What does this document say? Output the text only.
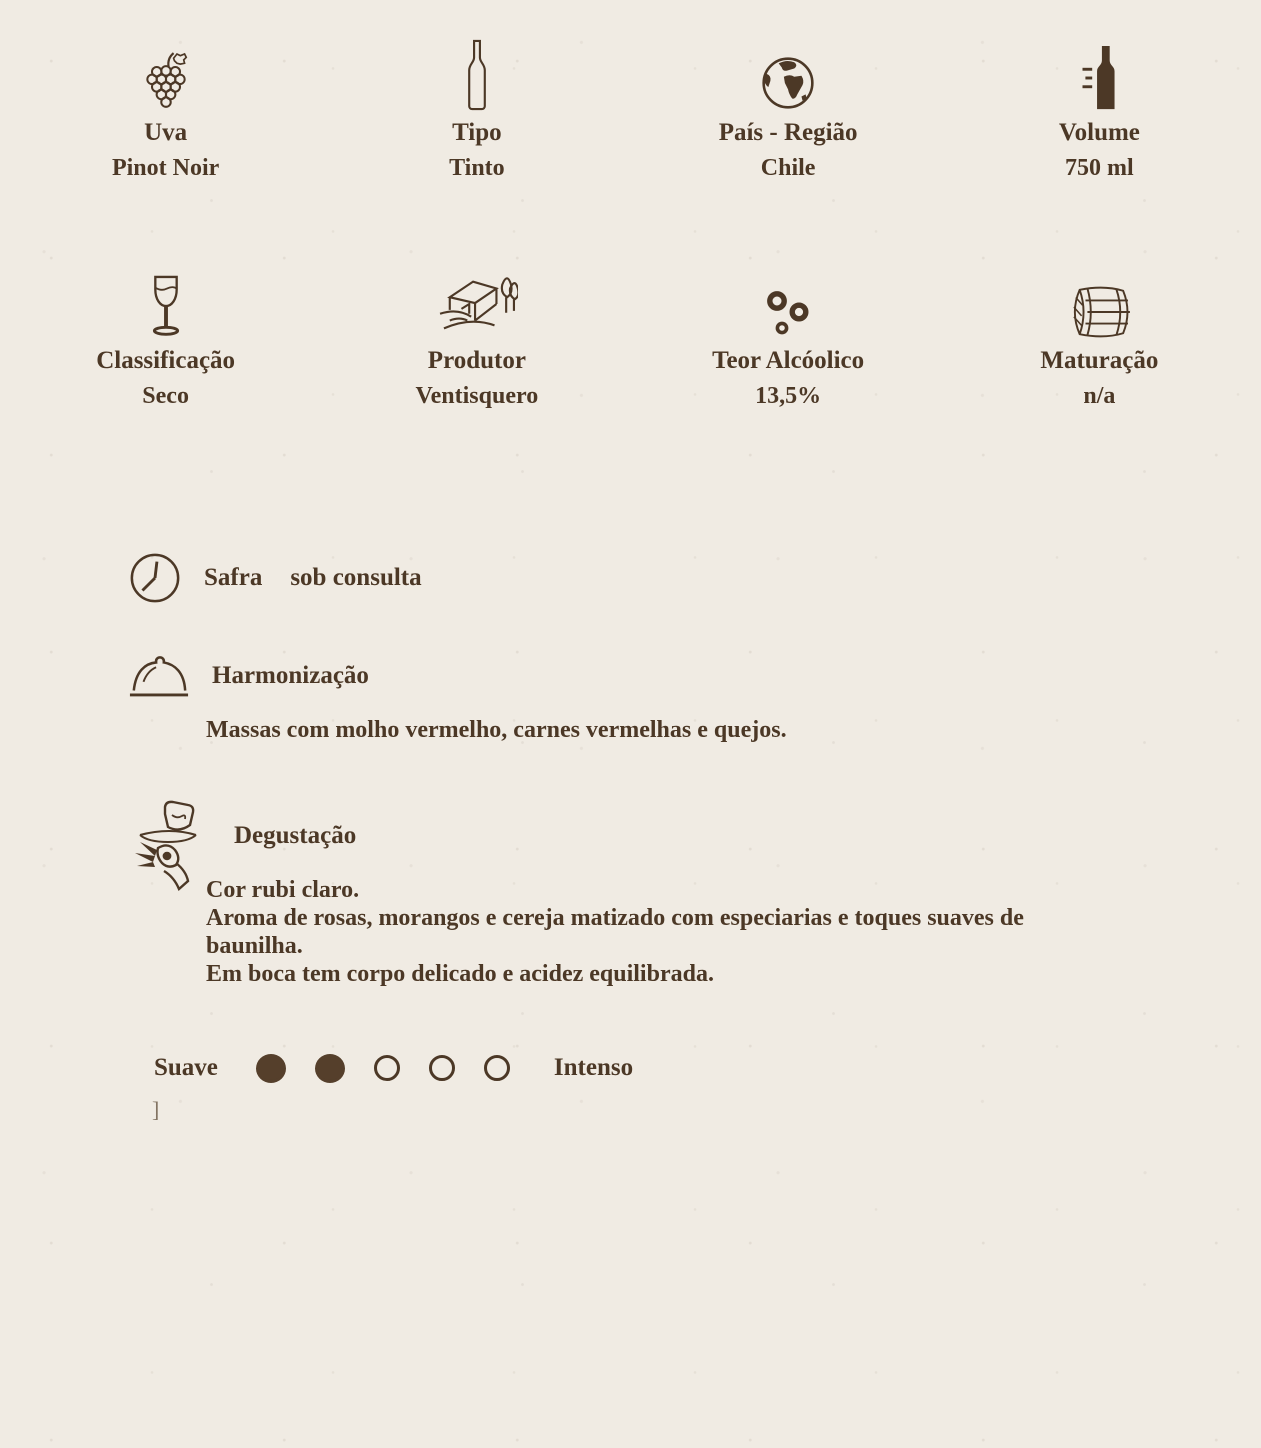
Uva
Pinot Noir
Tipo
Tinto
País - Região
Chile
Volume
750 ml
Classificação
Seco
Produtor
Ventisquero
Teor Alcóolico
13,5%
Maturação
n/a
Safra sob consulta
Harmonização
Massas com molho vermelho, carnes vermelhas e quejos.
Degustação
Cor rubi claro.
Aroma de rosas, morangos e cereja matizado com especiarias e toques suaves de baunilha.
Em boca tem corpo delicado e acidez equilibrada.
Suave	Intenso
]
